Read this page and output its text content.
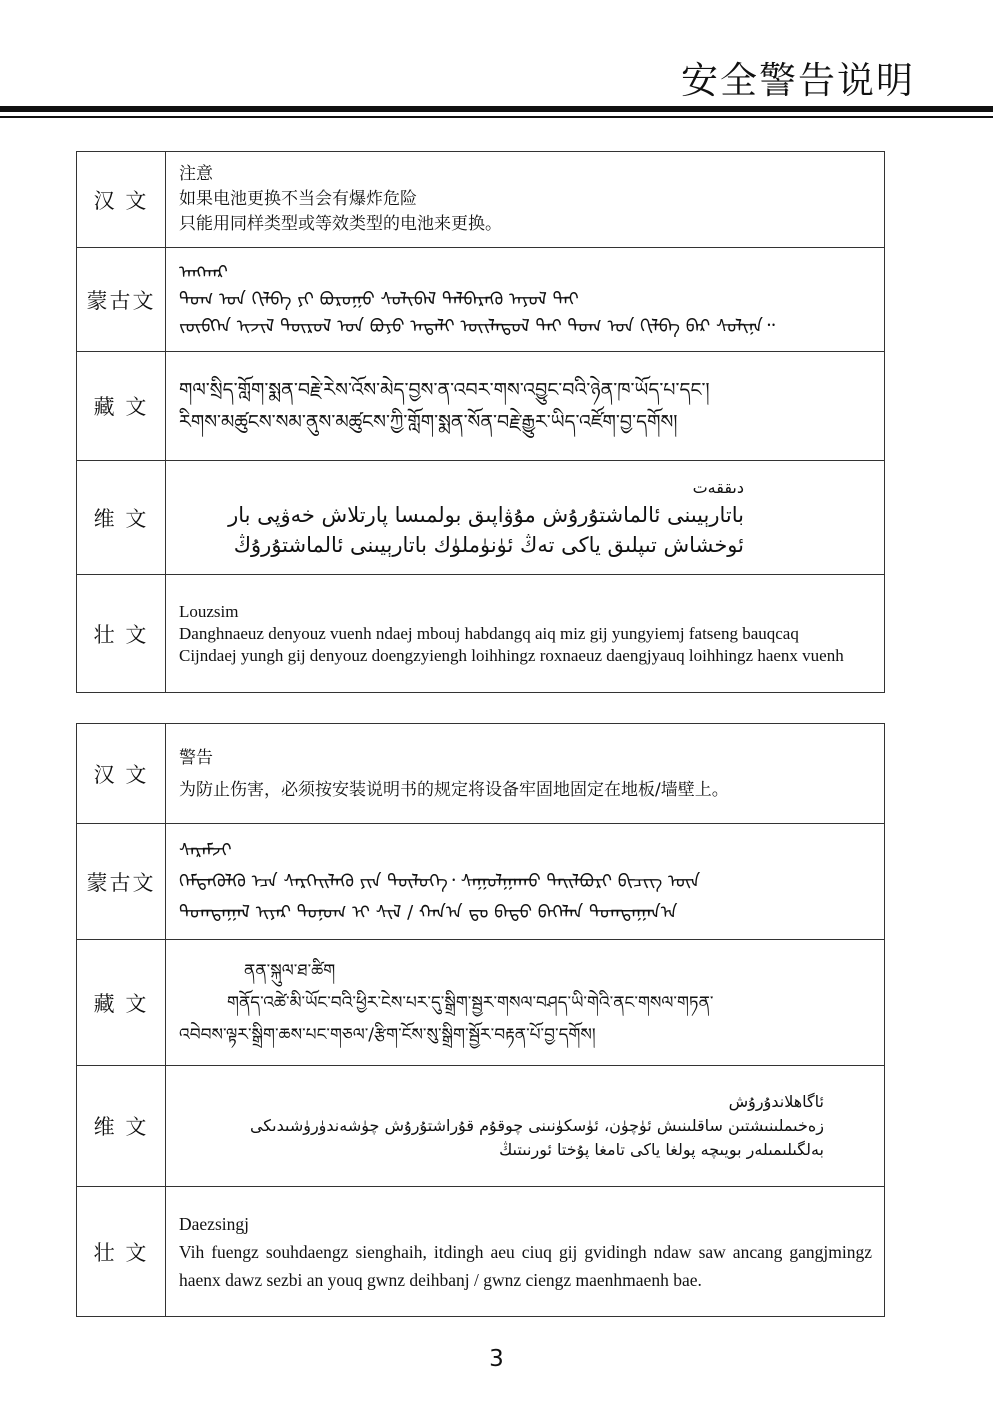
安全警告说明
汉 文	注意
如果电池更换不当会有爆炸危险
只能用同样类型或等效类型的电池来更换。

蒙古文	ᠠᠩᠬᠠᠷ
ᠲᠣᠭ ᠤᠨ ᠬᠢᠯᠪᠡ ᠶᠢ ᠪᠤᠷᠤᠭᠤ ᠰᠣᠯᠢᠪᠠᠯ ᠳᠡᠯᠪᠡᠷᠡᠬᠦ ᠠᠶᠤᠯ ᠲᠠᠢ
ᠵᠥᠪᠬᠡᠨ ᠢᠵᠢᠯ ᠲᠥᠷᠥᠯ ᠤᠨ ᠪᠤᠶᠤ ᠠᠳᠠᠯᠢ ᠦᠢᠯᠡᠳᠦᠯ ᠲᠡᠢ ᠲᠣᠭ ᠤᠨ ᠬᠢᠯᠪᠡ ᠪᠡᠷ ᠰᠣᠯᠢᠨᠠ᠃

藏 文	གལ་སྲིད་གློག་སྨན་བརྗེ་རེས་འོས་མེད་བྱས་ན་འབར་གས་འབྱུང་བའི་ཉེན་ཁ་ཡོད་པ་དང་།
རིགས་མཚུངས་སམ་ནུས་མཚུངས་ཀྱི་གློག་སྨན་སོན་བརྗེ་རྒྱུར་ཡིད་འཛོག་བྱ་དགོས།

维 文	دىققەت
باتارېيىنى ئالماشتۇرۇش مۇۋاپىق بولمىسا پارتلاش خەۋپى بار
ئوخشاش تىپلىق ياكى تەڭ ئۈنۈملۈك باتارېيىنى ئالماشتۇرۇڭ

壮 文	Louzsim
Danghnaeuz denyouz vuenh ndaej mbouj habdangq aiq miz gij yungyiemj fatseng bauqcaq
Cijndaej yungh gij denyouz doengzyiengh loihhingz roxnaeuz daengjyauq loihhingz haenx vuenh
汉 文	警告
为防止伤害，必须按安装说明书的规定将设备牢固地固定在地板/墙壁上。

蒙古文	ᠰᠡᠷᠡᠮᠵᠢ
ᠭᠡᠮᠲᠡᠭᠦᠯᠬᠦ ᠡᠴᠡ ᠰᠡᠷᠭᠡᠢᠯᠡᠬᠦ ᠶᠢᠨ ᠲᠥᠯᠥᠭᠡ᠂ ᠰᠠᠭᠤᠯᠭᠠᠬᠤ ᠲᠠᠢᠯᠪᠤᠷᠢ ᠪᠢᠴᠢᠭ ᠦᠨ
ᠲᠣᠭᠲᠠᠭᠠᠯ ᠢᠶᠠᠷ ᠲᠣᠨᠣᠭ ᠢ ᠰᠢᠯ / ᠬᠠᠨ᠎ᠠ ᠳᠤ ᠪᠠᠲᠤ ᠪᠡᠬᠡᠯᠡᠨ ᠲᠣᠭᠲᠠᠭᠠᠨ᠎ᠠ

藏 文	ནན་སྐུལ་ཐ་ཚིག
གནོད་འཚེ་མི་ཡོང་བའི་ཕྱིར་ངེས་པར་དུ་སྒྲིག་སྦྱར་གསལ་བཤད་ཡི་གེའི་ནང་གསལ་གཏན་
འབེབས་ལྟར་སྒྲིག་ཆས་པང་གཅལ་/རྩིག་ངོས་སུ་སྒྲིག་སྦྱོར་བརྟན་པོ་བྱ་དགོས།

维 文	ئاگاھلاندۇرۇش
زەخىملىنىشتىن ساقلىنىش ئۈچۈن، ئۈسكۈنىنى چوقۇم قۇراشتۇرۇش چۈشەندۈرۈشىدىكى
بەلگىلىمىلەر بويىچە پولغا ياكى تامغا پۇختا ئورنىتىڭ

壮 文	Daezsingj
Vih fuengz souhdaengz sienghaih, itdingh aeu ciuq gij gvidingh ndaw saw ancang gangjmingz haenx dawz sezbi an youq gwnz deihbanj / gwnz ciengz maenhmaenh bae.
3
